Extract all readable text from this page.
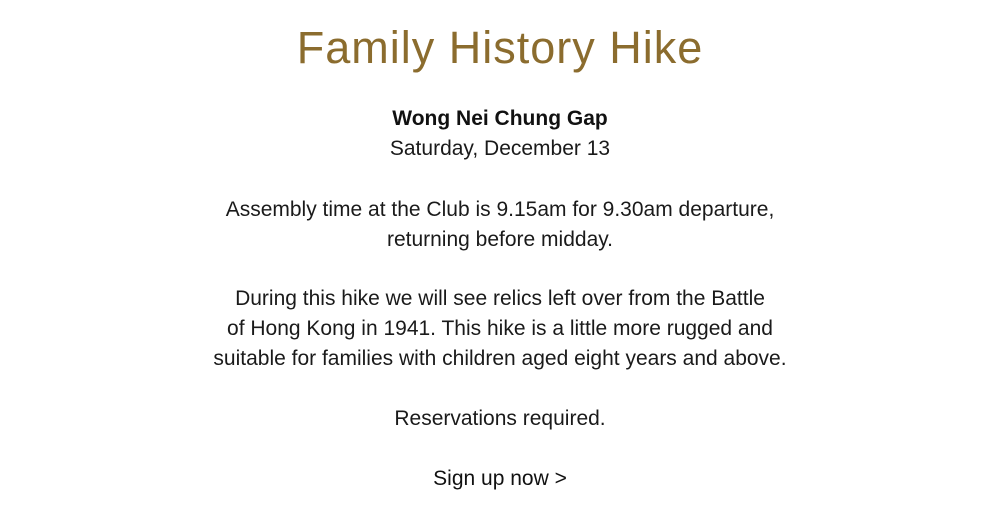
Family History Hike
Wong Nei Chung Gap
Saturday, December 13
Assembly time at the Club is 9.15am for 9.30am departure,
returning before midday.
During this hike we will see relics left over from the Battle
of Hong Kong in 1941. This hike is a little more rugged and
suitable for families with children aged eight years and above.
Reservations required.
Sign up now >
